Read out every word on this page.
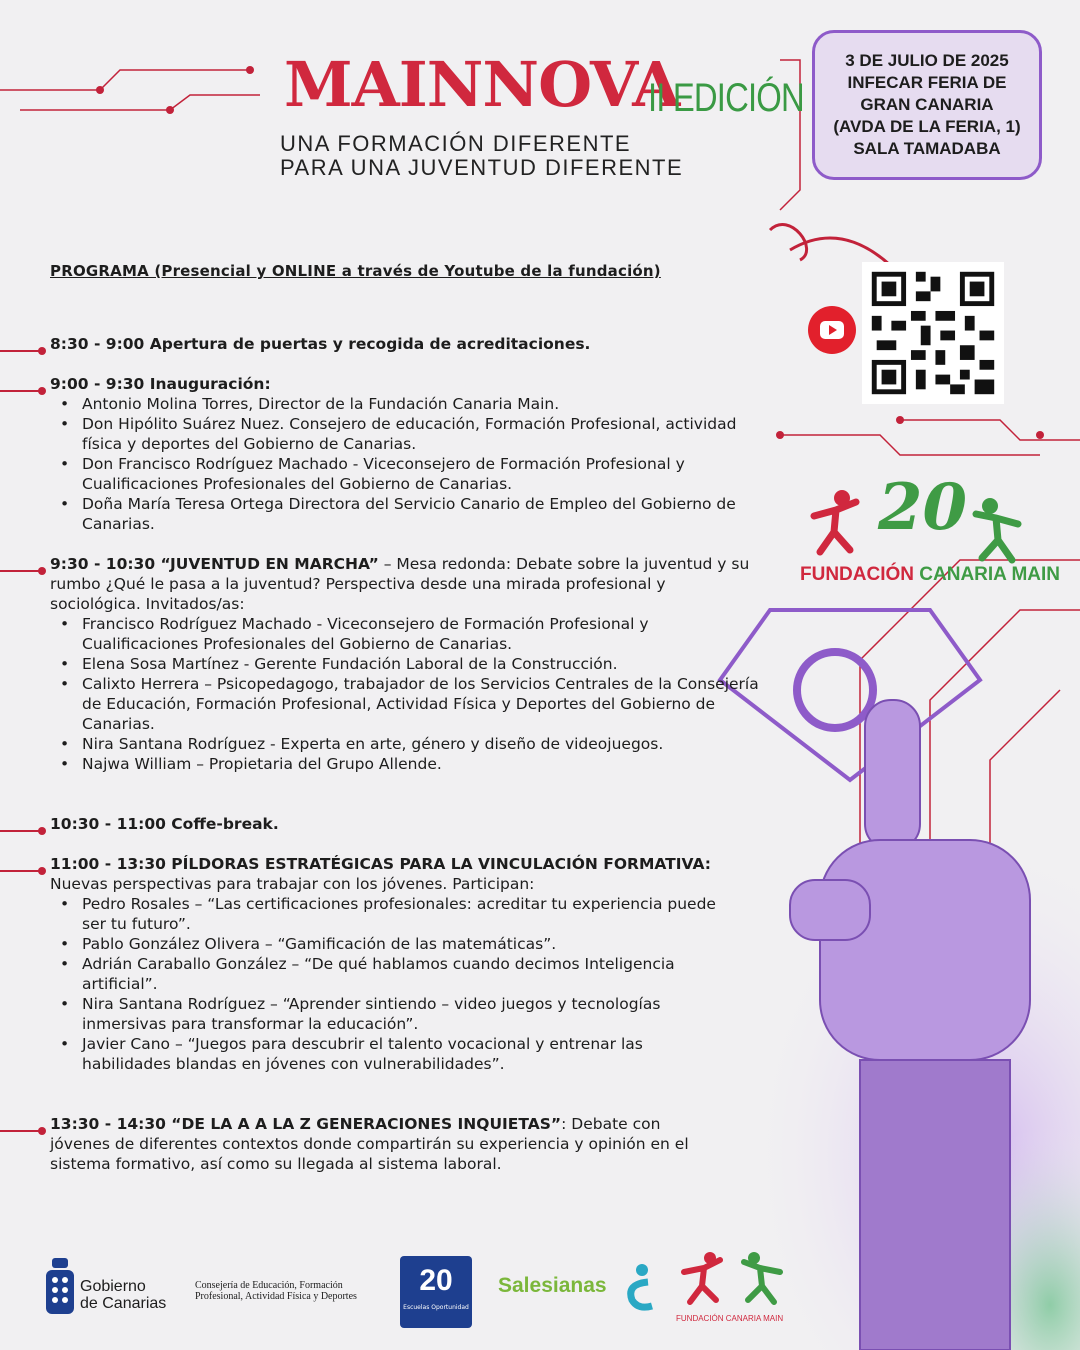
MAINNOVA
II EDICIÓN
UNA FORMACIÓN DIFERENTE
PARA UNA JUVENTUD DIFERENTE
3 DE JULIO DE 2025
INFECAR FERIA DE
GRAN CANARIA
(AVDA DE LA FERIA, 1)
SALA TAMADABA
PROGRAMA (Presencial y ONLINE a través de Youtube de la fundación)
8:30 - 9:00 Apertura de puertas y recogida de acreditaciones.
9:00 - 9:30 Inauguración:
• Antonio Molina Torres, Director de la Fundación Canaria Main.
• Don Hipólito Suárez Nuez. Consejero de educación, Formación Profesional, actividad física y deportes del Gobierno de Canarias.
• Don Francisco Rodríguez Machado - Viceconsejero de Formación Profesional y Cualificaciones Profesionales del Gobierno de Canarias.
• Doña María Teresa Ortega Directora del Servicio Canario de Empleo del Gobierno de Canarias.
9:30 - 10:30 “JUVENTUD EN MARCHA” – Mesa redonda: Debate sobre la juventud y su rumbo ¿Qué le pasa a la juventud? Perspectiva desde una mirada profesional y sociológica. Invitados/as:
• Francisco Rodríguez Machado - Viceconsejero de Formación Profesional y Cualificaciones Profesionales del Gobierno de Canarias.
• Elena Sosa Martínez - Gerente Fundación Laboral de la Construcción.
• Calixto Herrera – Psicopedagogo, trabajador de los Servicios Centrales de la Consejería de Educación, Formación Profesional, Actividad Física y Deportes del Gobierno de Canarias.
• Nira Santana Rodríguez - Experta en arte, género y diseño de videojuegos.
• Najwa William – Propietaria del Grupo Allende.
10:30 - 11:00 Coffe-break.
11:00 - 13:30 PÍLDORAS ESTRATÉGICAS PARA LA VINCULACIÓN FORMATIVA: Nuevas perspectivas para trabajar con los jóvenes. Participan:
• Pedro Rosales – “Las certificaciones profesionales: acreditar tu experiencia puede ser tu futuro”.
• Pablo González Olivera – “Gamificación de las matemáticas”.
• Adrián Caraballo González – “De qué hablamos cuando decimos Inteligencia artificial”.
• Nira Santana Rodríguez – “Aprender sintiendo – video juegos y tecnologías inmersivas para transformar la educación”.
• Javier Cano – “Juegos para descubrir el talento vocacional y entrenar las habilidades blandas en jóvenes con vulnerabilidades”.
13:30 - 14:30 “DE LA A A LA Z GENERACIONES INQUIETAS”: Debate con jóvenes de diferentes contextos donde compartirán su experiencia y opinión en el sistema formativo, así como su llegada al sistema laboral.
20
FUNDACIÓN CANARIA MAIN
Gobierno
de Canarias
Consejería de Educación, Formación
Profesional, Actividad Física y Deportes	20
Escuelas Oportunidad
Salesianas
FUNDACIÓN CANARIA MAIN
